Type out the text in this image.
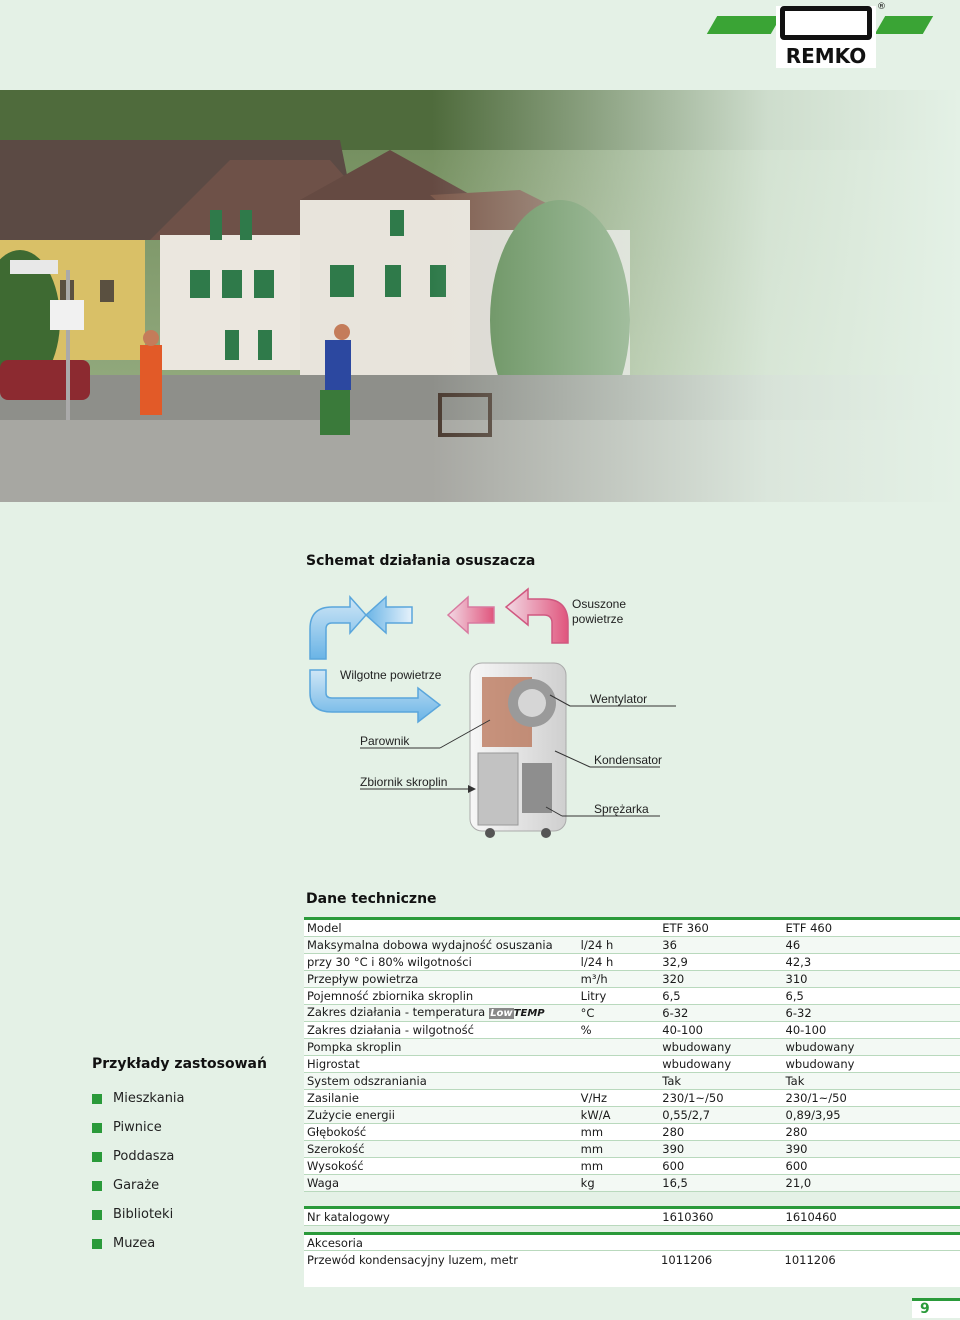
REMKO
®
Schemat działania osuszacza
Osuszone powietrze
Wilgotne powietrze
Wentylator
Parownik
Kondensator
Zbiornik skroplin
Sprężarka
Przykłady zastosowań
Mieszkania
Piwnice
Poddasza
Garaże
Biblioteki
Muzea
Dane techniczne
Model		ETF 360	ETF 460
Maksymalna dobowa wydajność osuszania	l/24 h	36	46
przy 30 °C i 80% wilgotności	l/24 h	32,9	42,3
Przepływ powietrza	m³/h	320	310
Pojemność zbiornika skroplin	Litry	6,5	6,5
Zakres działania - temperatura LowTEMP	°C	6-32	6-32
Zakres działania - wilgotność	%	40-100	40-100
Pompka skroplin		wbudowany	wbudowany
Higrostat		wbudowany	wbudowany
System odszraniania		Tak	Tak
Zasilanie	V/Hz	230/1~/50	230/1~/50
Zużycie energii	kW/A	0,55/2,7	0,89/3,95
Głębokość	mm	280	280
Szerokość	mm	390	390
Wysokość	mm	600	600
Waga	kg	16,5	21,0

Nr katalogowy		1610360	1610460
Akcesoria			
Przewód kondensacyjny luzem, metr		1011206	1011206
9
